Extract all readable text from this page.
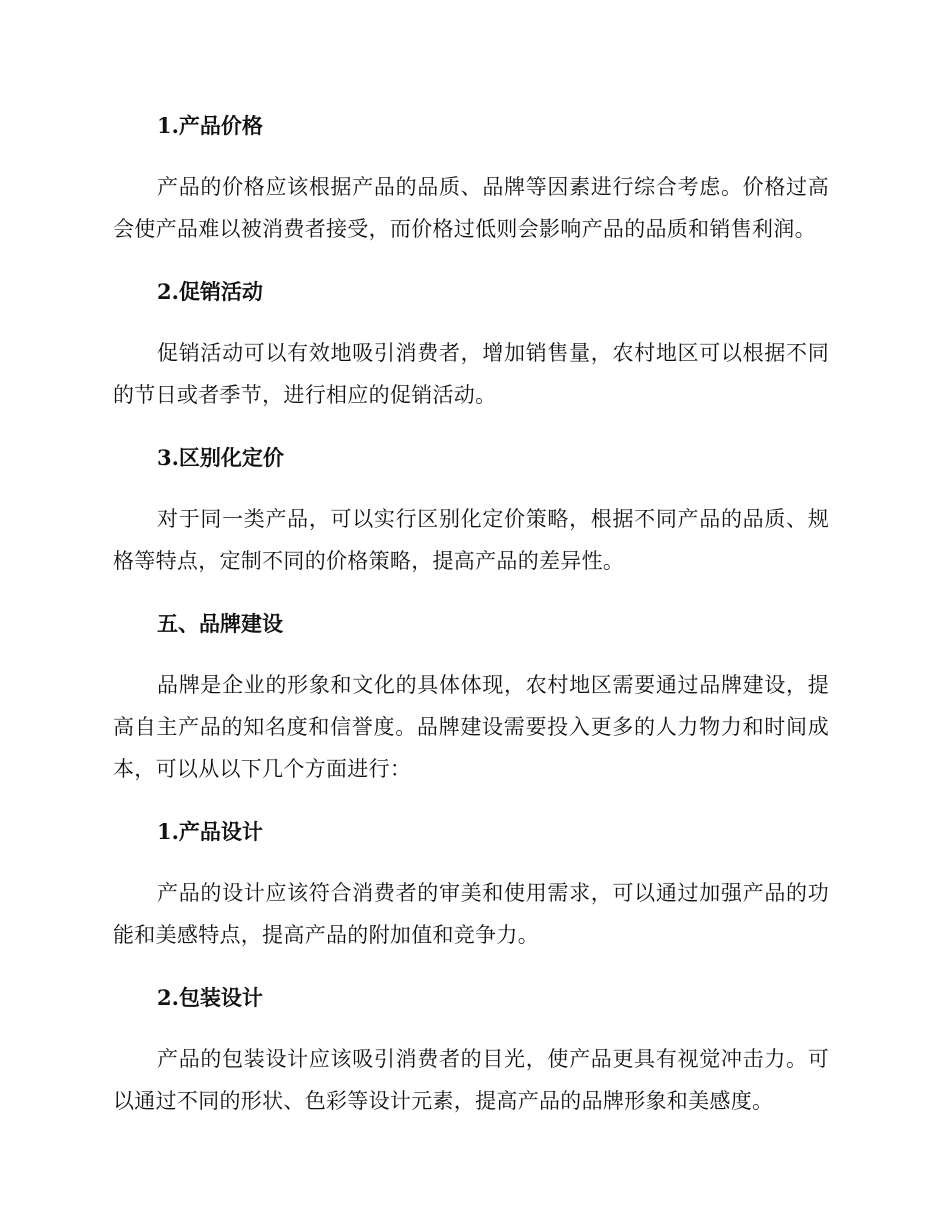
1.产品价格

产品的价格应该根据产品的品质、品牌等因素进行综合考虑。价格过高会使产品难以被消费者接受，而价格过低则会影响产品的品质和销售利润。

2.促销活动

促销活动可以有效地吸引消费者，增加销售量，农村地区可以根据不同的节日或者季节，进行相应的促销活动。

3.区别化定价

对于同一类产品，可以实行区别化定价策略，根据不同产品的品质、规格等特点，定制不同的价格策略，提高产品的差异性。

五、品牌建设

品牌是企业的形象和文化的具体体现，农村地区需要通过品牌建设，提高自主产品的知名度和信誉度。品牌建设需要投入更多的人力物力和时间成本，可以从以下几个方面进行：

1.产品设计

产品的设计应该符合消费者的审美和使用需求，可以通过加强产品的功能和美感特点，提高产品的附加值和竞争力。

2.包装设计

产品的包装设计应该吸引消费者的目光，使产品更具有视觉冲击力。可以通过不同的形状、色彩等设计元素，提高产品的品牌形象和美感度。
